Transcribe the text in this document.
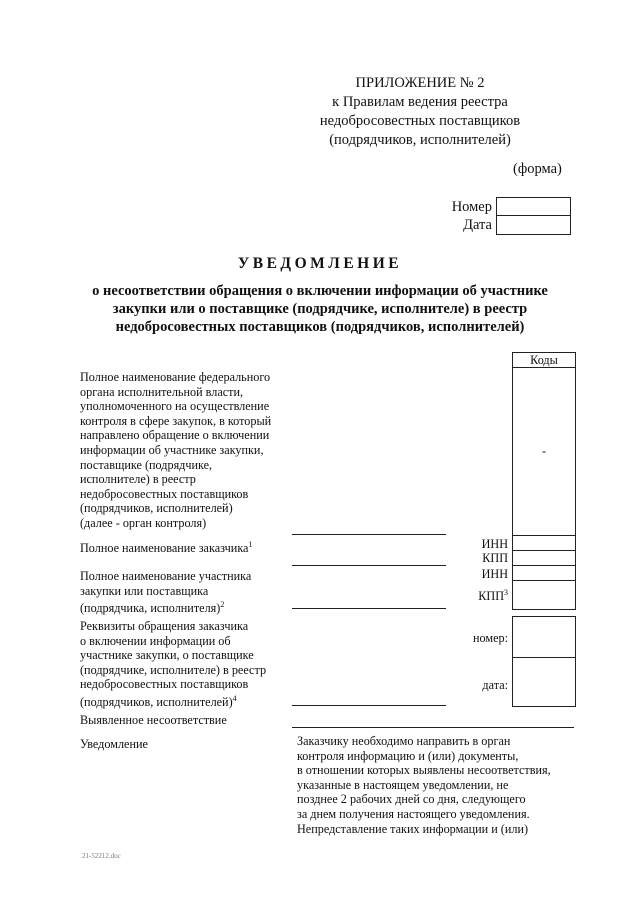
ПРИЛОЖЕНИЕ № 2
к Правилам ведения реестра
недобросовестных поставщиков
(подрядчиков, исполнителей)
(форма)
Номер
Дата
УВЕДОМЛЕНИЕ
о несоответствии обращения о включении информации об участнике
закупки или о поставщике (подрядчике, исполнителе) в реестр
недобросовестных поставщиков (подрядчиков, исполнителей)
Коды
-
Полное наименование федерального
органа исполнительной власти,
уполномоченного на осуществление
контроля в сфере закупок, в который
направлено обращение о включении
информации об участнике закупки,
поставщике (подрядчике,
исполнителе) в реестр
недобросовестных поставщиков
(подрядчиков, исполнителей)
(далее - орган контроля)
Полное наименование заказчика$^1$	ИНН
КПП
Полное наименование участника
закупки или поставщика
(подрядчика, исполнителя)$^2$
ИНН
КПП$^3$
Реквизиты обращения заказчика
о включении информации об
участнике закупки, о поставщике
(подрядчике, исполнителе) в реестр
недобросовестных поставщиков
(подрядчиков, исполнителей)$^4$
номер:
дата:
Выявленное несоответствие
Уведомление	Заказчику необходимо направить в орган
контроля информацию и (или) документы,
в отношении которых выявлены несоответствия,
указанные в настоящем уведомлении, не
позднее 2 рабочих дней со дня, следующего
за днем получения настоящего уведомления.
Непредставление таких информации и (или)
21-52212.doc
